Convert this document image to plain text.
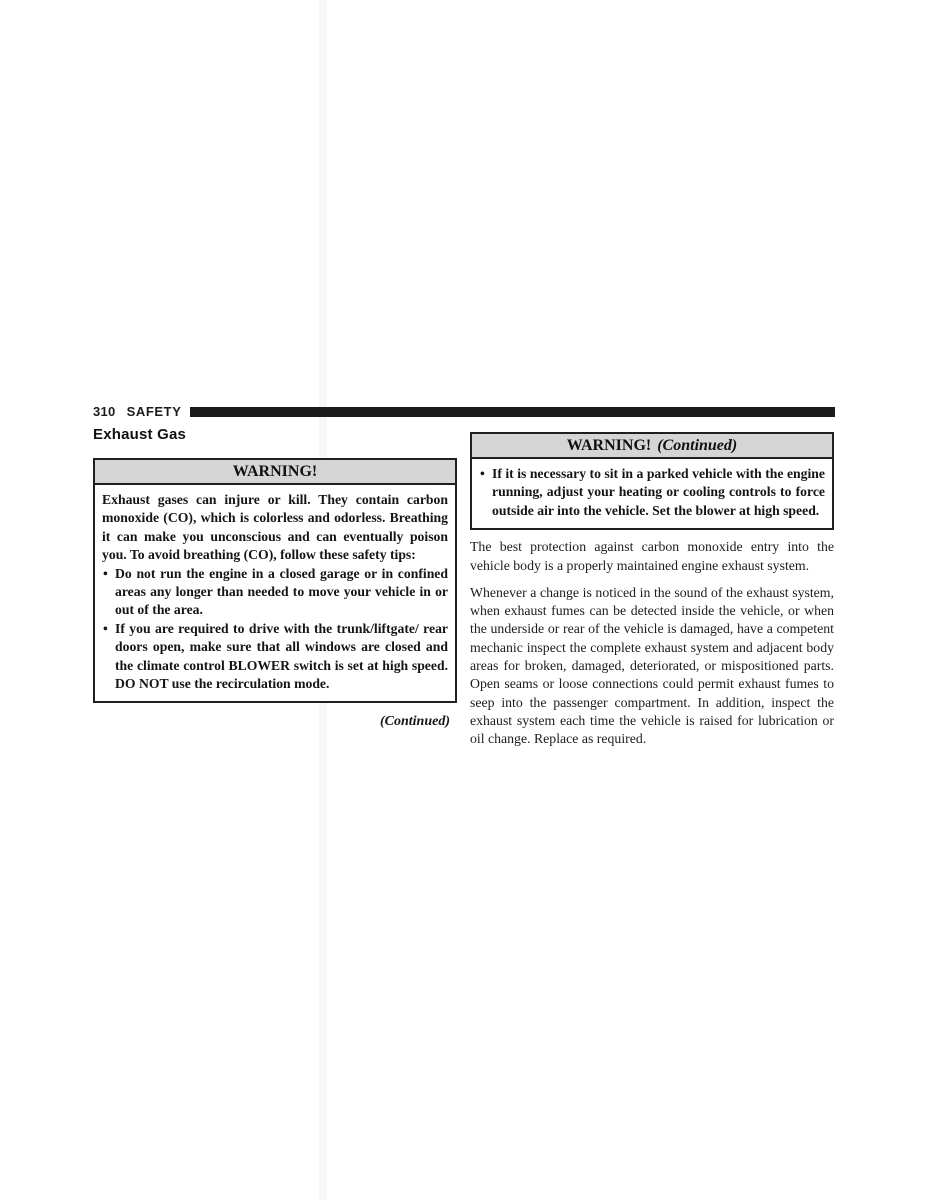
310 SAFETY
Exhaust Gas
WARNING!

Exhaust gases can injure or kill. They contain carbon monoxide (CO), which is colorless and odorless. Breathing it can make you unconscious and can eventually poison you. To avoid breathing (CO), follow these safety tips:

• Do not run the engine in a closed garage or in confined areas any longer than needed to move your vehicle in or out of the area.
• If you are required to drive with the trunk/liftgate/ rear doors open, make sure that all windows are closed and the climate control BLOWER switch is set at high speed. DO NOT use the recirculation mode.
(Continued)
WARNING! (Continued)
• If it is necessary to sit in a parked vehicle with the engine running, adjust your heating or cooling controls to force outside air into the vehicle. Set the blower at high speed.

The best protection against carbon monoxide entry into the vehicle body is a properly maintained engine exhaust system.

Whenever a change is noticed in the sound of the exhaust system, when exhaust fumes can be detected inside the vehicle, or when the underside or rear of the vehicle is damaged, have a competent mechanic inspect the complete exhaust system and adjacent body areas for broken, damaged, deteriorated, or mispositioned parts. Open seams or loose connections could permit exhaust fumes to seep into the passenger compartment. In addition, inspect the exhaust system each time the vehicle is raised for lubrication or oil change. Replace as required.
